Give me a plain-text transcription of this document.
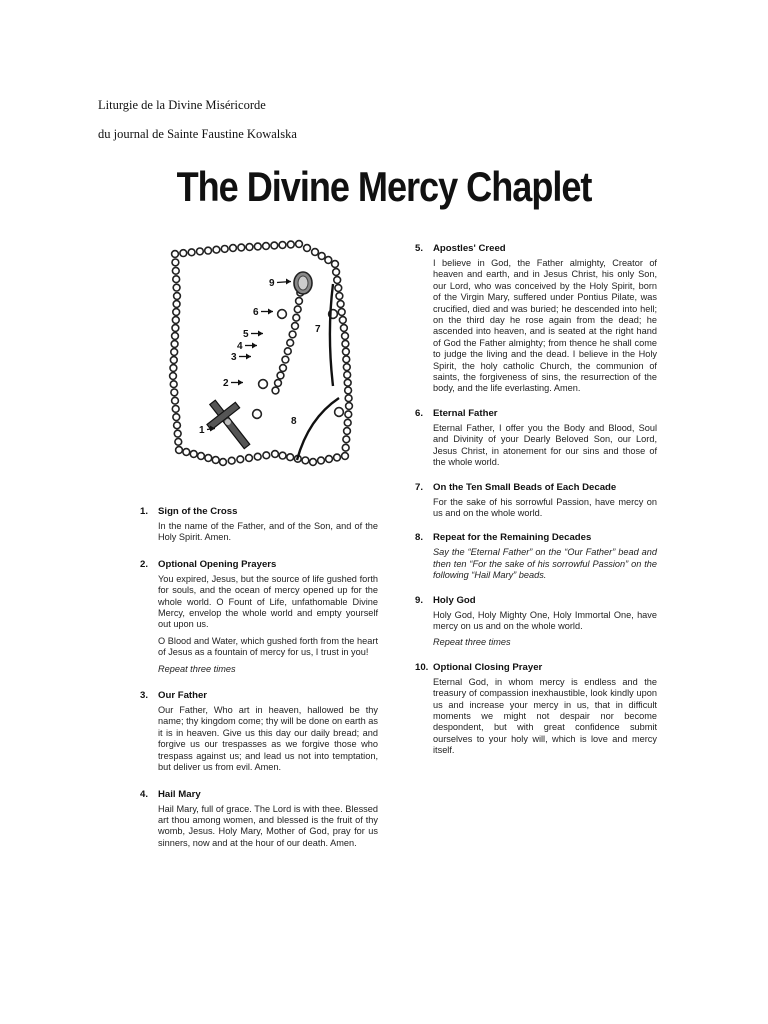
Liturgie de la Divine Miséricorde
du journal de Sainte Faustine Kowalska
The Divine Mercy Chaplet
1
2
3
4
5
6
7
8
9
1.	Sign of the Cross

In the name of the Father, and of the Son, and of the Holy Spirit. Amen.

2.	Optional Opening Prayers

You expired, Jesus, but the source of life gushed forth for souls, and the ocean of mercy opened up for the whole world. O Fount of Life, unfathomable Divine Mercy, envelop the whole world and empty yourself out upon us.

O Blood and Water, which gushed forth from the heart of Jesus as a fountain of mercy for us, I trust in you!

Repeat three times

3.	Our Father

Our Father, Who art in heaven, hallowed be thy name; thy kingdom come; thy will be done on earth as it is in heaven. Give us this day our daily bread; and forgive us our trespasses as we forgive those who trespass against us; and lead us not into temptation, but deliver us from evil. Amen.

4.	Hail Mary

Hail Mary, full of grace. The Lord is with thee. Blessed art thou among women, and blessed is the fruit of thy womb, Jesus. Holy Mary, Mother of God, pray for us sinners, now and at the hour of our death. Amen.

5.	Apostles' Creed

I believe in God, the Father almighty, Creator of heaven and earth, and in Jesus Christ, his only Son, our Lord, who was conceived by the Holy Spirit, born of the Virgin Mary, suffered under Pontius Pilate, was crucified, died and was buried; he descended into hell; on the third day he rose again from the dead; he ascended into heaven, and is seated at the right hand of God the Father almighty; from thence he shall come to judge the living and the dead. I believe in the Holy Spirit, the holy catholic Church, the communion of saints, the forgiveness of sins, the resurrection of the body, and the life everlasting. Amen.

6.	Eternal Father

Eternal Father, I offer you the Body and Blood, Soul and Divinity of your Dearly Beloved Son, our Lord, Jesus Christ, in atonement for our sins and those of the whole world.

7.	On the Ten Small Beads of Each Decade

For the sake of his sorrowful Passion, have mercy on us and on the whole world.

8.	Repeat for the Remaining Decades

Say the “Eternal Father” on the “Our Father” bead and then ten “For the sake of his sorrowful Passion” on the following “Hail Mary” beads.

9.	Holy God

Holy God, Holy Mighty One, Holy Immortal One, have mercy on us and on the whole world.

Repeat three times

10. Optional Closing Prayer

Eternal God, in whom mercy is endless and the treasury of compassion inexhaustible, look kindly upon us and increase your mercy in us, that in difficult moments we might not despair nor become despondent, but with great confidence submit ourselves to your holy will, which is love and mercy itself.
